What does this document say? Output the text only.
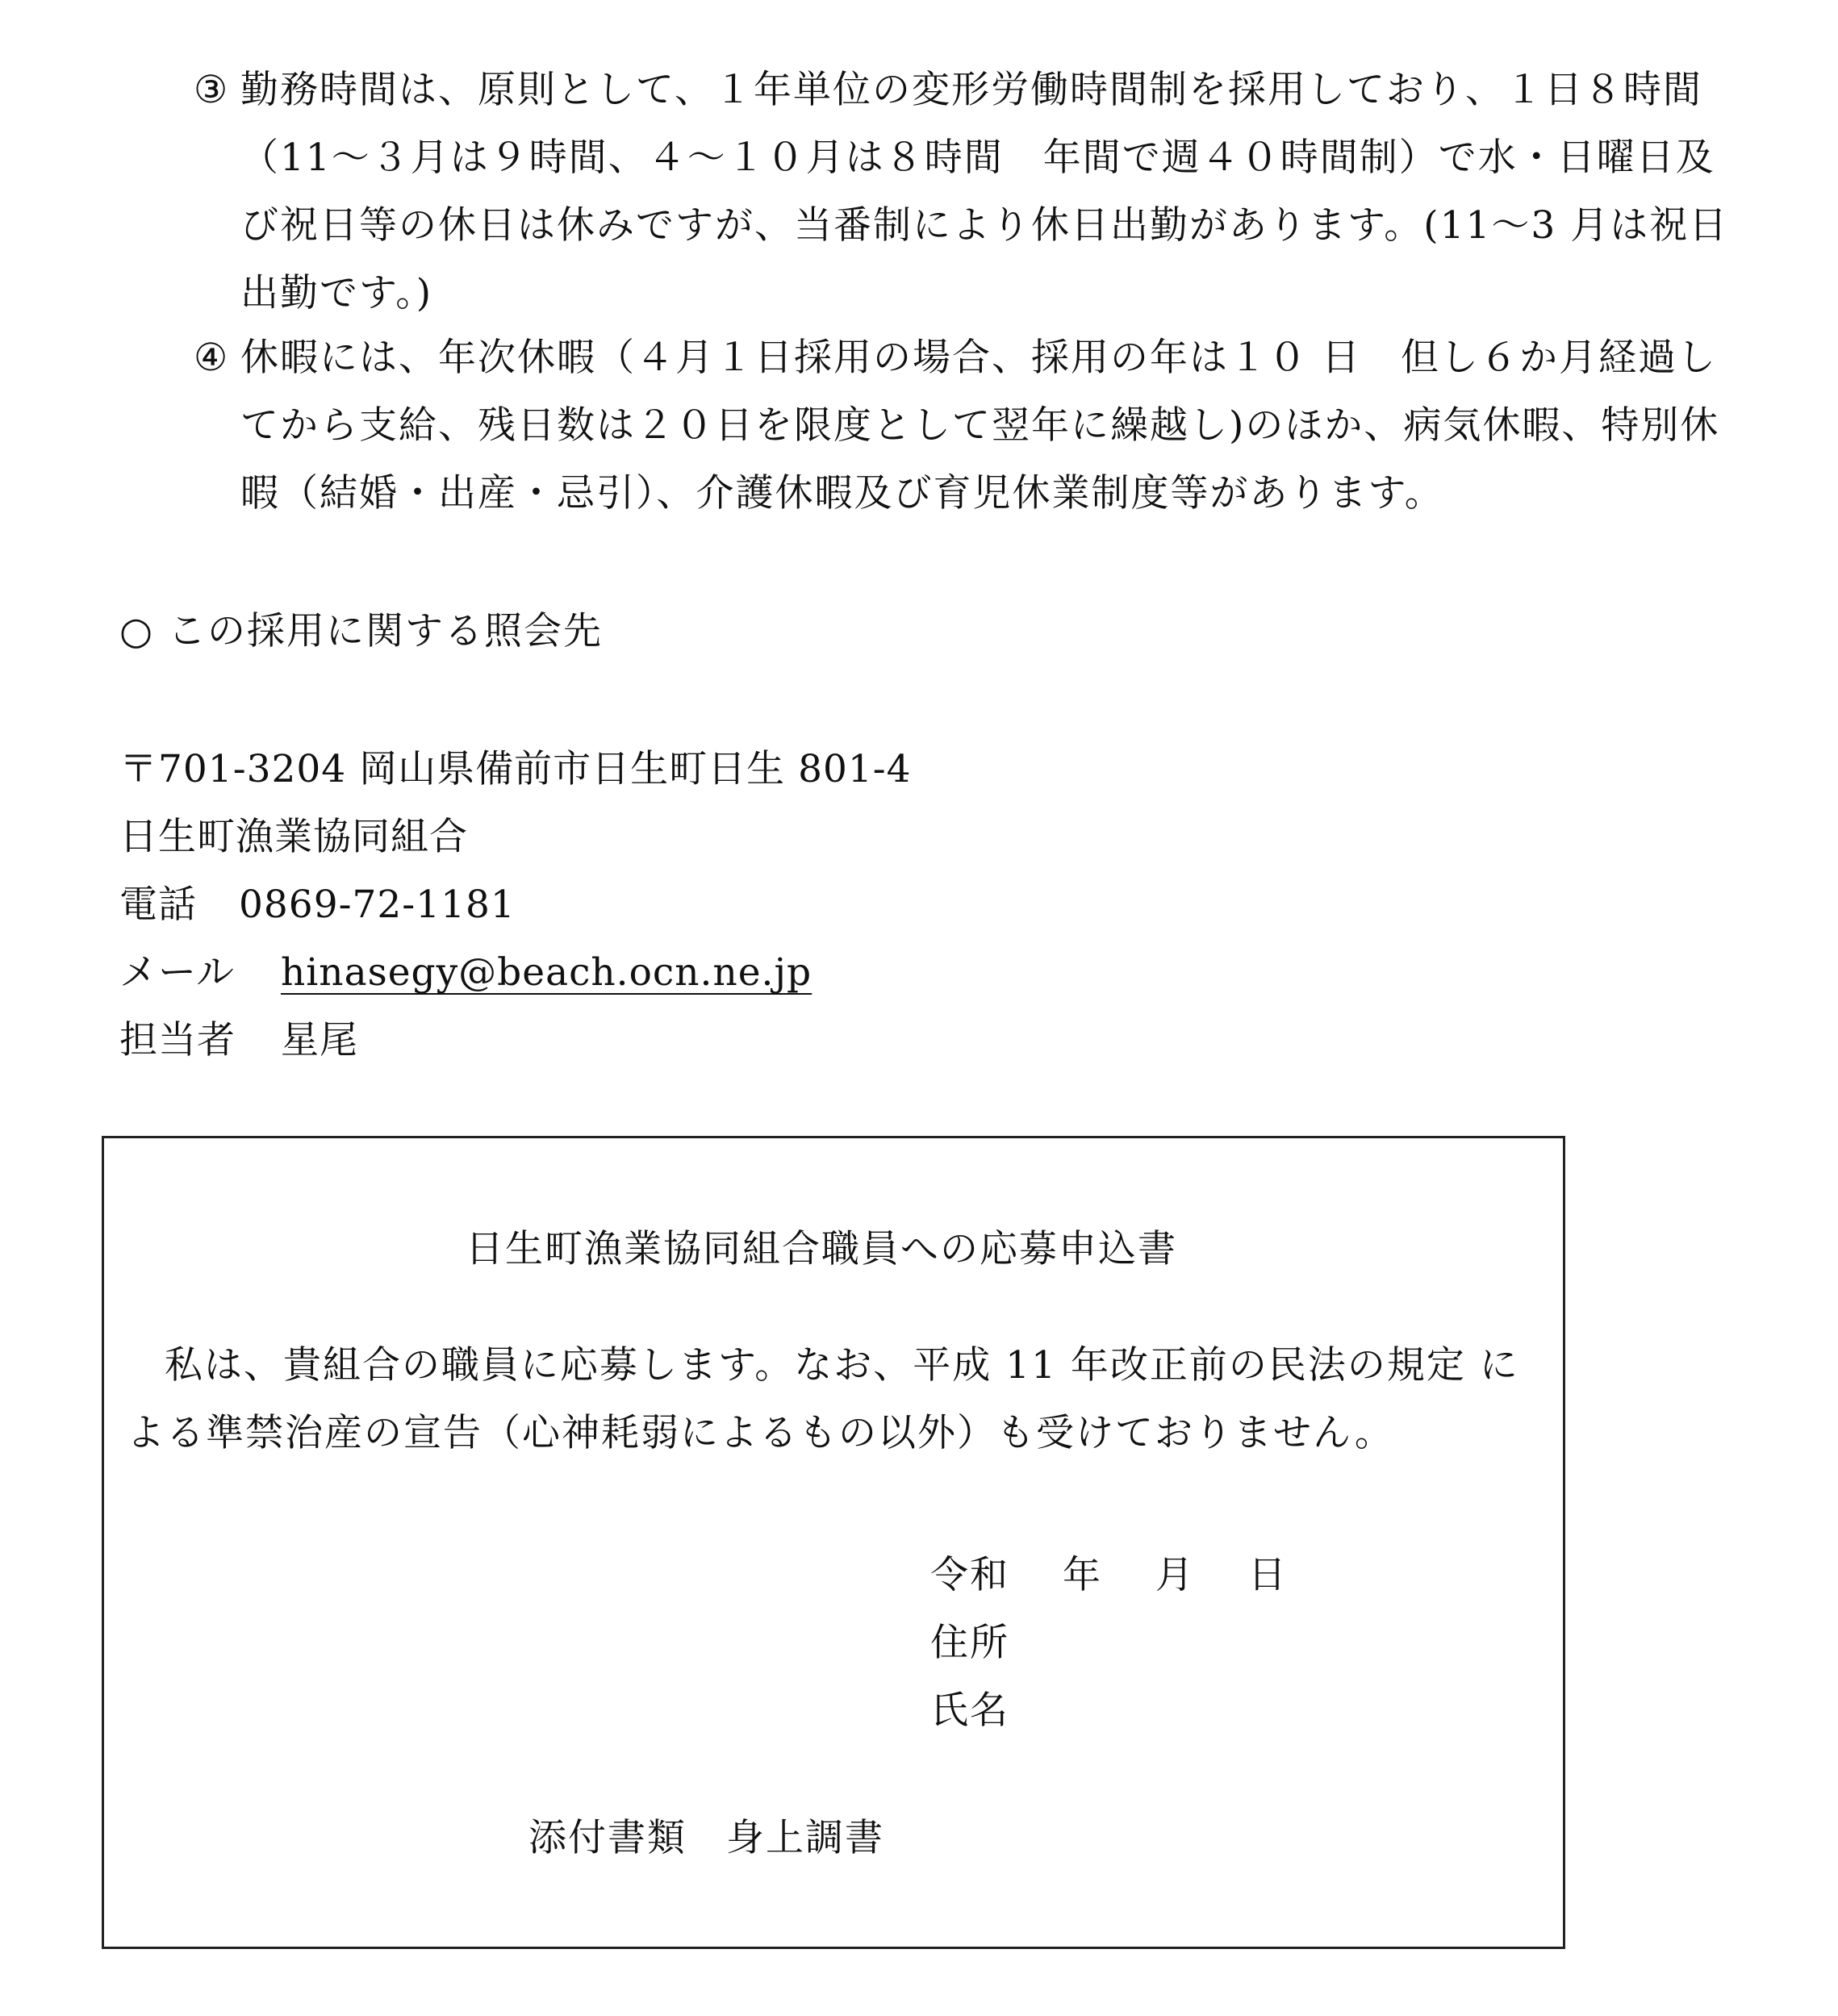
③ 勤務時間は、原則として、１年単位の変形労働時間制を採用しており、１日８時間
（11～３月は９時間、４～１０月は８時間　年間で週４０時間制）で水・日曜日及
び祝日等の休日は休みですが、当番制により休日出勤があります。(11～3 月は祝日
出勤です。)
④ 休暇には、年次休暇（４月１日採用の場合、採用の年は１０ 日　但し６か月経過し
てから支給、残日数は２０日を限度として翌年に繰越し)のほか、病気休暇、特別休
暇（結婚・出産・忌引）、介護休暇及び育児休業制度等があります。
○ この採用に関する照会先
〒701-3204 岡山県備前市日生町日生 801-4
日生町漁業協同組合
電話	0869-72-1181
メール	hinasegy@beach.ocn.ne.jp
担当者	星尾
日生町漁業協同組合職員への応募申込書
私は、貴組合の職員に応募します。なお、平成 11 年改正前の民法の規定 による準禁治産の宣告（心神耗弱によるもの以外）も受けておりません。
令和　 年　 月　 日
住所
氏名
添付書類　身上調書
